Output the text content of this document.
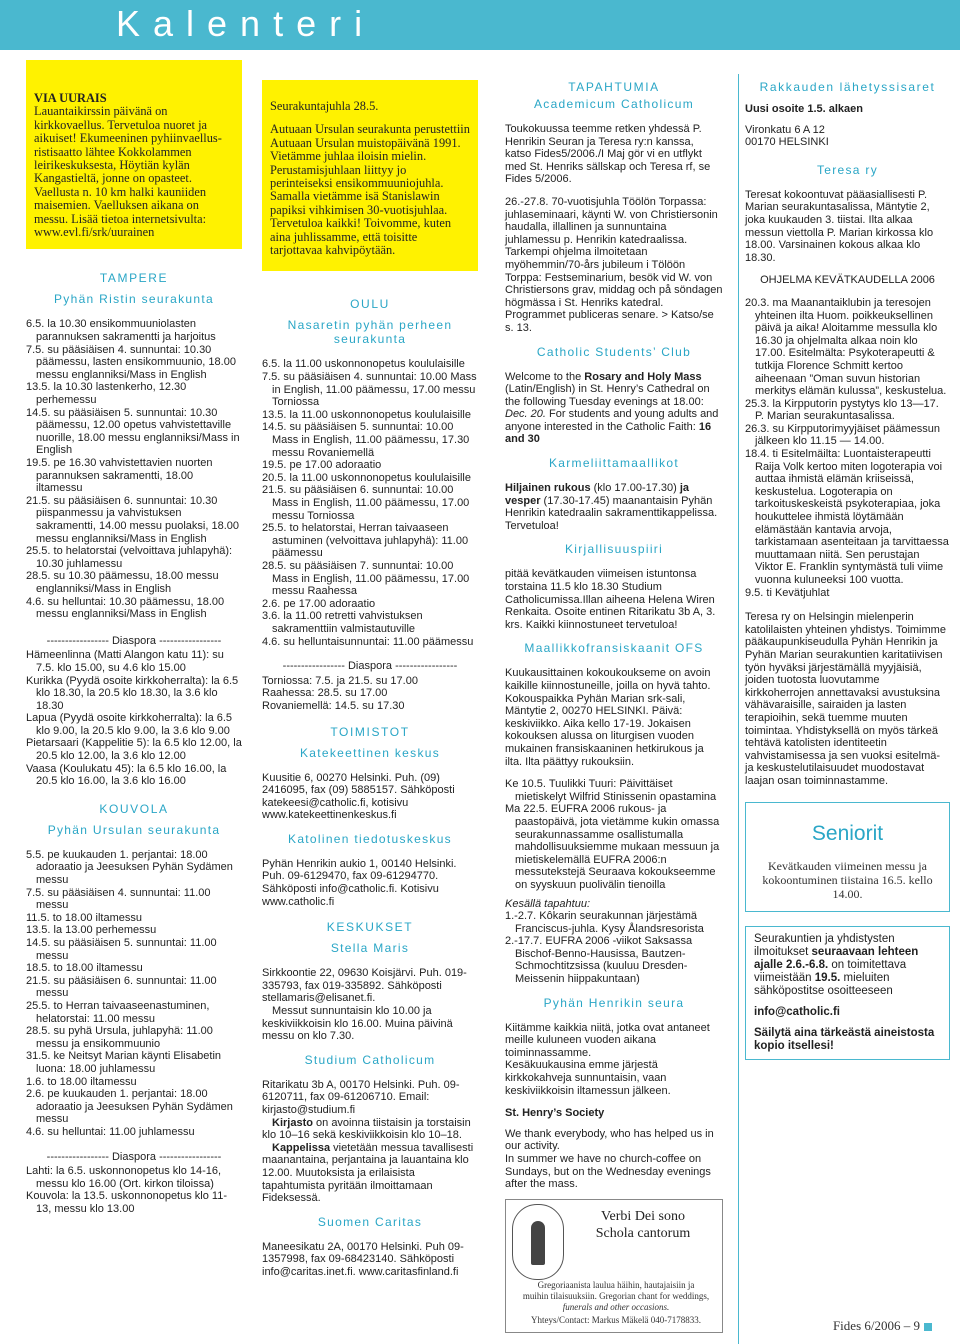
Kalenteri

VIA UURAIS

Lauantaikirssin päivänä on kirkkovaellus. Tervetuloa nuoret ja aikuiset! Ekumeeninen pyhiinvaellus-ristisaatto lähtee Kokkolammen leirikeskuksesta, Höytiän kylän Kangastieltä, jonne on opasteet. Vaellusta n. 10 km halki kauniiden maisemien. Vaelluksen aikana on messu. Lisää tietoa internetsivulta: www.evl.fi/srk/uurainen

TAMPERE
Pyhän Ristin seurakunta

6.5. la 10.30 ensikommuuniolasten parannuksen sakramentti ja harjoitus

7.5. su pääsiäisen 4. sunnuntai: 10.30 päämessu, lasten ensikommuunio, 18.00 messu englanniksi/Mass in English

13.5. la 10.30 lastenkerho, 12.30 perhemessu

14.5. su pääsiäisen 5. sunnuntai: 10.30 päämessu, 12.00 opetus vahvistettaville nuorille, 18.00 messu englanniksi/Mass in English

19.5. pe 16.30 vahvistettavien nuorten parannuksen sakramentti, 18.00 iltamessu

21.5. su pääsiäisen 6. sunnuntai: 10.30 piispanmessu ja vahvistuksen sakramentti, 14.00 messu puolaksi, 18.00 messu englanniksi/Mass in English

25.5. to helatorstai (velvoittava juhlapyhä): 10.30 juhlamessu

28.5. su 10.30 päämessu, 18.00 messu englanniksi/Mass in English

4.6. su helluntai: 10.30 päämessu, 18.00 messu englanniksi/Mass in English

----------------- Diaspora -----------------

Hämeenlinna (Matti Alangon katu 11): su 7.5. klo 15.00, su 4.6 klo 15.00

Kurikka (Pyydä osoite kirkkoherralta): la 6.5 klo 18.30, la 20.5 klo 18.30, la 3.6 klo 18.30

Lapua (Pyydä osoite kirkkoherralta): la 6.5 klo 9.00, la 20.5 klo 9.00, la 3.6 klo 9.00

Pietarsaari (Kappelitie 5): la 6.5 klo 12.00, la 20.5 klo 12.00, la 3.6 klo 12.00

Vaasa (Koulukatu 45): la 6.5 klo 16.00, la 20.5 klo 16.00, la 3.6 klo 16.00

KOUVOLA
Pyhän Ursulan seurakunta

5.5. pe kuukauden 1. perjantai: 18.00 adoraatio ja Jeesuksen Pyhän Sydämen messu

7.5. su pääsiäisen 4. sunnuntai: 11.00 messu

11.5. to 18.00 iltamessu

13.5. la 13.00 perhemessu

14.5. su pääsiäisen 5. sunnuntai: 11.00 messu

18.5. to 18.00 iltamessu

21.5. su pääsiäisen 6. sunnuntai: 11.00 messu

25.5. to Herran taivaaseenastuminen, helatorstai: 11.00 messu

28.5. su pyhä Ursula, juhlapyhä: 11.00 messu ja ensikommuunio

31.5. ke Neitsyt Marian käynti Elisabetin luona: 18.00 juhlamessu

1.6. to 18.00 iltamessu

2.6. pe kuukauden 1. perjantai: 18.00 adoraatio ja Jeesuksen Pyhän Sydämen messu

4.6. su helluntai: 11.00 juhlamessu

----------------- Diaspora -----------------

Lahti: la 6.5. uskonnonopetus klo 14-16, messu klo 16.00 (Ort. kirkon tiloissa)

Kouvola: la 13.5. uskonnonopetus klo 11-13, messu klo 13.00

Seurakuntajuhla 28.5.

Autuaan Ursulan seurakunta perustettiin Autuaan Ursulan muistopäivänä 1991. Vietämme juhlaa iloisin mielin. Perustamisjuhlaan liittyy jo perinteiseksi ensikommuuniojuhla. Samalla vietämme isä Stanislawin papiksi vihkimisen 30-vuotisjuhlaa. Tervetuloa kaikki! Toivomme, kuten aina juhlissamme, että toisitte tarjottavaa kahvipöytään.

OULU
Nasaretin pyhän perheen seurakunta

6.5. la 11.00 uskonnonopetus koululaisille

7.5. su pääsiäisen 4. sunnuntai: 10.00 Mass in English, 11.00 päämessu, 17.00 messu Torniossa

13.5. la 11.00 uskonnonopetus koululaisille

14.5. su pääsiäisen 5. sunnuntai: 10.00 Mass in English, 11.00 päämessu, 17.30 messu Rovaniemellä

19.5. pe 17.00 adoraatio

20.5. la 11.00 uskonnonopetus koululaisille

21.5. su pääsiäisen 6. sunnuntai: 10.00 Mass in English, 11.00 päämessu, 17.00 messu Torniossa

25.5. to helatorstai, Herran taivaaseen astuminen (velvoittava juhlapyhä): 11.00 päämessu

28.5. su pääsiäisen 7. sunnuntai: 10.00 Mass in English, 11.00 päämessu, 17.00 messu Raahessa

2.6. pe 17.00 adoraatio

3.6. la 11.00 retretti vahvistuksen sakramenttiin valmistautuville

4.6. su helluntaisunnuntai: 11.00 päämessu

----------------- Diaspora -----------------

Torniossa: 7.5. ja 21.5. su 17.00

Raahessa: 28.5. su 17.00

Rovaniemellä: 14.5. su 17.30

TOIMISTOT
Katekeettinen keskus

Kuusitie 6, 00270 Helsinki. Puh. (09) 2416095, fax (09) 5885157. Sähköposti katekeesi@catholic.fi, kotisivu www.katekeettinenkeskus.fi

Katolinen tiedotuskeskus

Pyhän Henrikin aukio 1, 00140 Helsinki. Puh. 09-6129470, fax 09-61294770. Sähköposti info@catholic.fi. Kotisivu www.catholic.fi

KESKUKSET
Stella Maris

Sirkkoontie 22, 09630 Koisjärvi. Puh. 019-335793, fax 019-335892. Sähköposti stellamaris@elisanet.fi.

Messut sunnuntaisin klo 10.00 ja keskiviikkoisin klo 16.00. Muina päivinä messu on klo 7.30.

Studium Catholicum

Ritarikatu 3b A, 00170 Helsinki. Puh. 09-6120711, fax 09-61206710. Email: kirjasto@studium.fi

Kirjasto on avoinna tiistaisin ja torstaisin klo 10–16 sekä keskiviikkoisin klo 10–18.

Kappelissa vietetään messua tavallisesti maanantaina, perjantaina ja lauantaina klo 12.00. Muutoksista ja erilaisista tapahtumista pyritään ilmoittamaan Fideksessä.

Suomen Caritas

Maneesikatu 2A, 00170 Helsinki. Puh 09-1357998, fax 09-68423140. Sähköposti info@caritas.inet.fi. www.caritasfinland.fi

TAPAHTUMIA
Academicum Catholicum

Toukokuussa teemme retken yhdessä P. Henrikin Seuran ja Teresa ry:n kanssa, katso Fides5/2006./I Maj gör vi en utflykt med St. Henriks sällskap och Teresa rf, se Fides 5/2006.

26.-27.8. 70-vuotisjuhla Töölön Torpassa: juhlaseminaari, käynti W. von Christiersonin haudalla, illallinen ja sunnuntaina juhlamessu p. Henrikin katedraalissa. Tarkempi ohjelma ilmoitetaan myöhemmin/70-års jubileum i Tölöön Torppa: Festseminarium, besök vid W. von Christiersons grav, middag och på söndagen högmässa i St. Henriks katedral. Programmet publiceras senare. > Katso/se s. 13.

Catholic Students’ Club

Welcome to the Rosary and Holy Mass (Latin/English) in St. Henry’s Cathedral on the following Tuesday evenings at 18.00: Dec. 20. For students and young adults and anyone interested in the Catholic Faith: 16 and 30

Karmeliittamaallikot

Hiljainen rukous (klo 17.00-17.30) ja vesper (17.30-17.45) maanantaisin Pyhän Henrikin katedraalin sakramenttikappelissa. Tervetuloa!

Kirjallisuuspiiri

pitää kevätkauden viimeisen istuntonsa torstaina 11.5 klo 18.30 Studium Catholicumissa.Illan aiheena Helena Wiren Renkaita. Osoite entinen Ritarikatu 3b A, 3. krs. Kaikki kiinnostuneet tervetuloa!

Maallikkofransiskaanit OFS

Kuukausittainen kokoukoukseme on avoin kaikille kiinnostuneille, joilla on hyvä tahto. Kokouspaikka Pyhän Marian srk-sali, Mäntytie 2, 00270 HELSINKI. Päivä: keskiviikko. Aika kello 17-19. Jokaisen kokouksen alussa on liturgisen vuoden mukainen fransiskaaninen hetkirukous ja iltа. Ilta päättyy rukouksiin.

Ke 10.5. Tuulikki Tuuri: Päivittäiset mietiskelyt Wilfrid Stinissenin opastamina

Ma 22.5. EUFRA 2006 rukous- ja paastopäivä, jota vietämme kukin omassa seurakunnassamme osallistumalla mahdollisuuksiemme mukaan messuun ja mietiskelemällä EUFRA 2006:n messutekstejä Seuraava kokoukseemme on syyskuun puolivälin tienoilla

Kesällä tapahtuu:

1.-2.7. Kôkarin seurakunnan järjestämä Franciscus-juhla. Kysy Ålandsresorista

2.-17.7. EUFRA 2006 -viikot Saksassa Bischof-Benno-Hausissa, Bautzen-Schmochtitzsissa (kuuluu Dresden-Meissenin hiippakuntaan)

Pyhän Henrikin seura

Kiitämme kaikkia niitä, jotka ovat antaneet meille kuluneen vuoden aikana toiminnassamme.

Kesäkuukausina emme järjestä kirkkokahveja sunnuntaisin, vaan keskiviikkoisin iltamessun jälkeen.

St. Henry’s Society

We thank everybody, who has helped us in our activity.

In summer we have no church-coffee on Sundays, but on the Wednesday evenings after the mass.

Verbi Dei sono
Schola cantorum
Gregoriaanista laulua häihin, hautajaisiin ja
muihin tilaisuuksiin. Gregorian chant for weddings,
funerals and other occasions.
Yhteys/Contact: Markus Mäkelä 040-7178833.
Rakkauden lähetyssisaret

Uusi osoite 1.5. alkaen

Vironkatu 6 A 12

00170 HELSINKI

Teresa ry

Teresat kokoontuvat pääasiallisesti P. Marian seurakuntasalissa, Mäntytie 2, joka kuukauden 3. tiistai. Ilta alkaa messun viettolla P. Marian kirkossa klo 18.00. Varsinainen kokous alkaa klo 18.30.

OHJELMA KEVÄTKAUDELLA 2006

20.3. ma Maanantaiklubin ja teresojen yhteinen ilta Huom. poikkeuksellinen päivä ja aika! Aloitamme messulla klo 16.30 ja ohjelmalta alkaa noin klo 17.00. Esitelmälta: Psykoterapeutti & tutkija Florence Schmitt kertoo aiheenaan ”Oman suvun historian merkitys elämän kulussa”, keskustelua.

25.3. la Kirpputorin pystytys klo 13—17. P. Marian seurakuntasalissa.

26.3. su Kirpputorimyyjäiset päämessun jälkeen klo 11.15 — 14.00.

18.4. ti Esitelmäilta: Luontaisterapeutti Raija Volk kertoo miten logoterapia voi auttaa ihmistä elämän kriiseissä, keskustelua. Logoterapia on tarkoituskeskeistä psykoterapiaa, joka houkuttelee ihmistä löytämään elämästään kantavia arvoja, tarkistamaan asenteitaan ja tarvittaessa muuttamaan niitä. Sen perustajan Viktor E. Franklin syntymästä tuli viime vuonna kuluneeksi 100 vuotta.

9.5. ti Kevätjuhlat

Teresa ry on Helsingin mielenperin katolilaisten yhteinen yhdistys. Toimimme pääkaupunkiseudulla Pyhän Henrikin ja Pyhän Marian seurakuntien karitatiivisen työn hyväksi järjestämällä myyjäisiä, joiden tuotosta luovutamme kirkkoherrojen annettavaksi avustuksina vähävaraisille, sairaiden ja lasten terapioihin, sekä tuemme muuten toimintaa. Yhdistyksellä on myös tärkeä tehtävä katolisten identiteetin vahvistamisessa ja sen vuoksi esitelmä- ja keskustelutilaisuudet muodostavat laajan osan toiminnastamme.

Seniorit
Kevätkauden viimeinen messu ja kokoontuminen tiistaina 16.5. kello 14.00.

Seurakuntien ja yhdistysten ilmoitukset seuraavaan lehteen ajalle 2.6.-6.8. on toimitettava viimeistään 19.5. mieluiten sähköpostitse osoitteeseen

info@catholic.fi

Säilytä aina tärkeästä aineistosta kopio itsellesi!

Fides 6/2006 – 9
